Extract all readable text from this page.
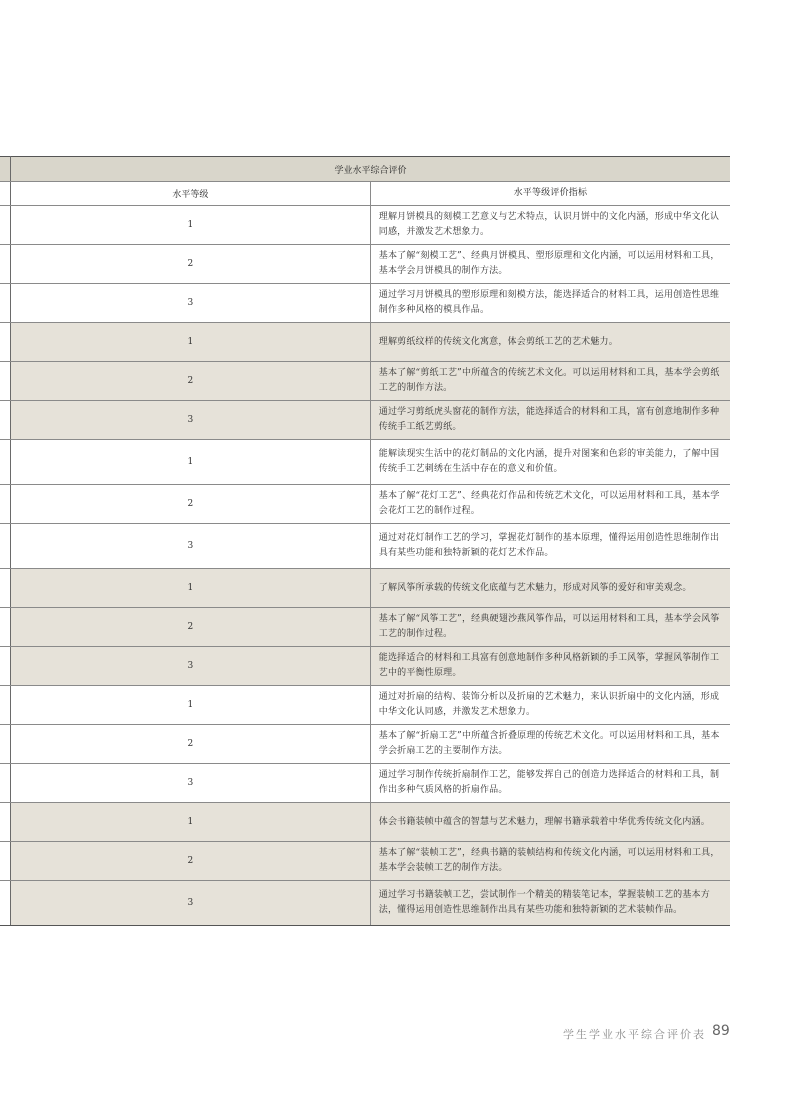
	学业水平综合评价	
	水平等级	水平等级评价指标
	1	理解月饼模具的刻模工艺意义与艺术特点，认识月饼中的文化内涵，形成中华文化认同感，并激发艺术想象力。
	2	基本了解“刻模工艺”、经典月饼模具、塑形原理和文化内涵，可以运用材料和工具，基本学会月饼模具的制作方法。
	3	通过学习月饼模具的塑形原理和刻模方法，能选择适合的材料工具，运用创造性思维制作多种风格的模具作品。
	1	理解剪纸纹样的传统文化寓意，体会剪纸工艺的艺术魅力。
	2	基本了解“剪纸工艺”中所蕴含的传统艺术文化。可以运用材料和工具，基本学会剪纸工艺的制作方法。
	3	通过学习剪纸虎头窗花的制作方法，能选择适合的材料和工具，富有创意地制作多种传统手工纸艺剪纸。
	1	能解读现实生活中的花灯制品的文化内涵，提升对图案和色彩的审美能力，了解中国传统手工艺刺绣在生活中存在的意义和价值。
	2	基本了解“花灯工艺”、经典花灯作品和传统艺术文化，可以运用材料和工具，基本学会花灯工艺的制作过程。
	3	通过对花灯制作工艺的学习，掌握花灯制作的基本原理，懂得运用创造性思维制作出具有某些功能和独特新颖的花灯艺术作品。
	1	了解风筝所承载的传统文化底蕴与艺术魅力，形成对风筝的爱好和审美观念。
	2	基本了解“风筝工艺”，经典硬翅沙燕风筝作品，可以运用材料和工具，基本学会风筝工艺的制作过程。
	3	能选择适合的材料和工具富有创意地制作多种风格新颖的手工风筝，掌握风筝制作工艺中的平衡性原理。
	1	通过对折扇的结构、装饰分析以及折扇的艺术魅力，来认识折扇中的文化内涵，形成中华文化认同感，并激发艺术想象力。
	2	基本了解“折扇工艺”中所蕴含折叠原理的传统艺术文化。可以运用材料和工具，基本学会折扇工艺的主要制作方法。
	3	通过学习制作传统折扇制作工艺，能够发挥自己的创造力选择适合的材料和工具，制作出多种气质风格的折扇作品。
	1	体会书籍装帧中蕴含的智慧与艺术魅力，理解书籍承载着中华优秀传统文化内涵。
	2	基本了解“装帧工艺”，经典书籍的装帧结构和传统文化内涵，可以运用材料和工具，基本学会装帧工艺的制作方法。
	3	通过学习书籍装帧工艺，尝试制作一个精美的精装笔记本，掌握装帧工艺的基本方法，懂得运用创造性思维制作出具有某些功能和独特新颖的艺术装帧作品。
学生学业水平综合评价表 89
